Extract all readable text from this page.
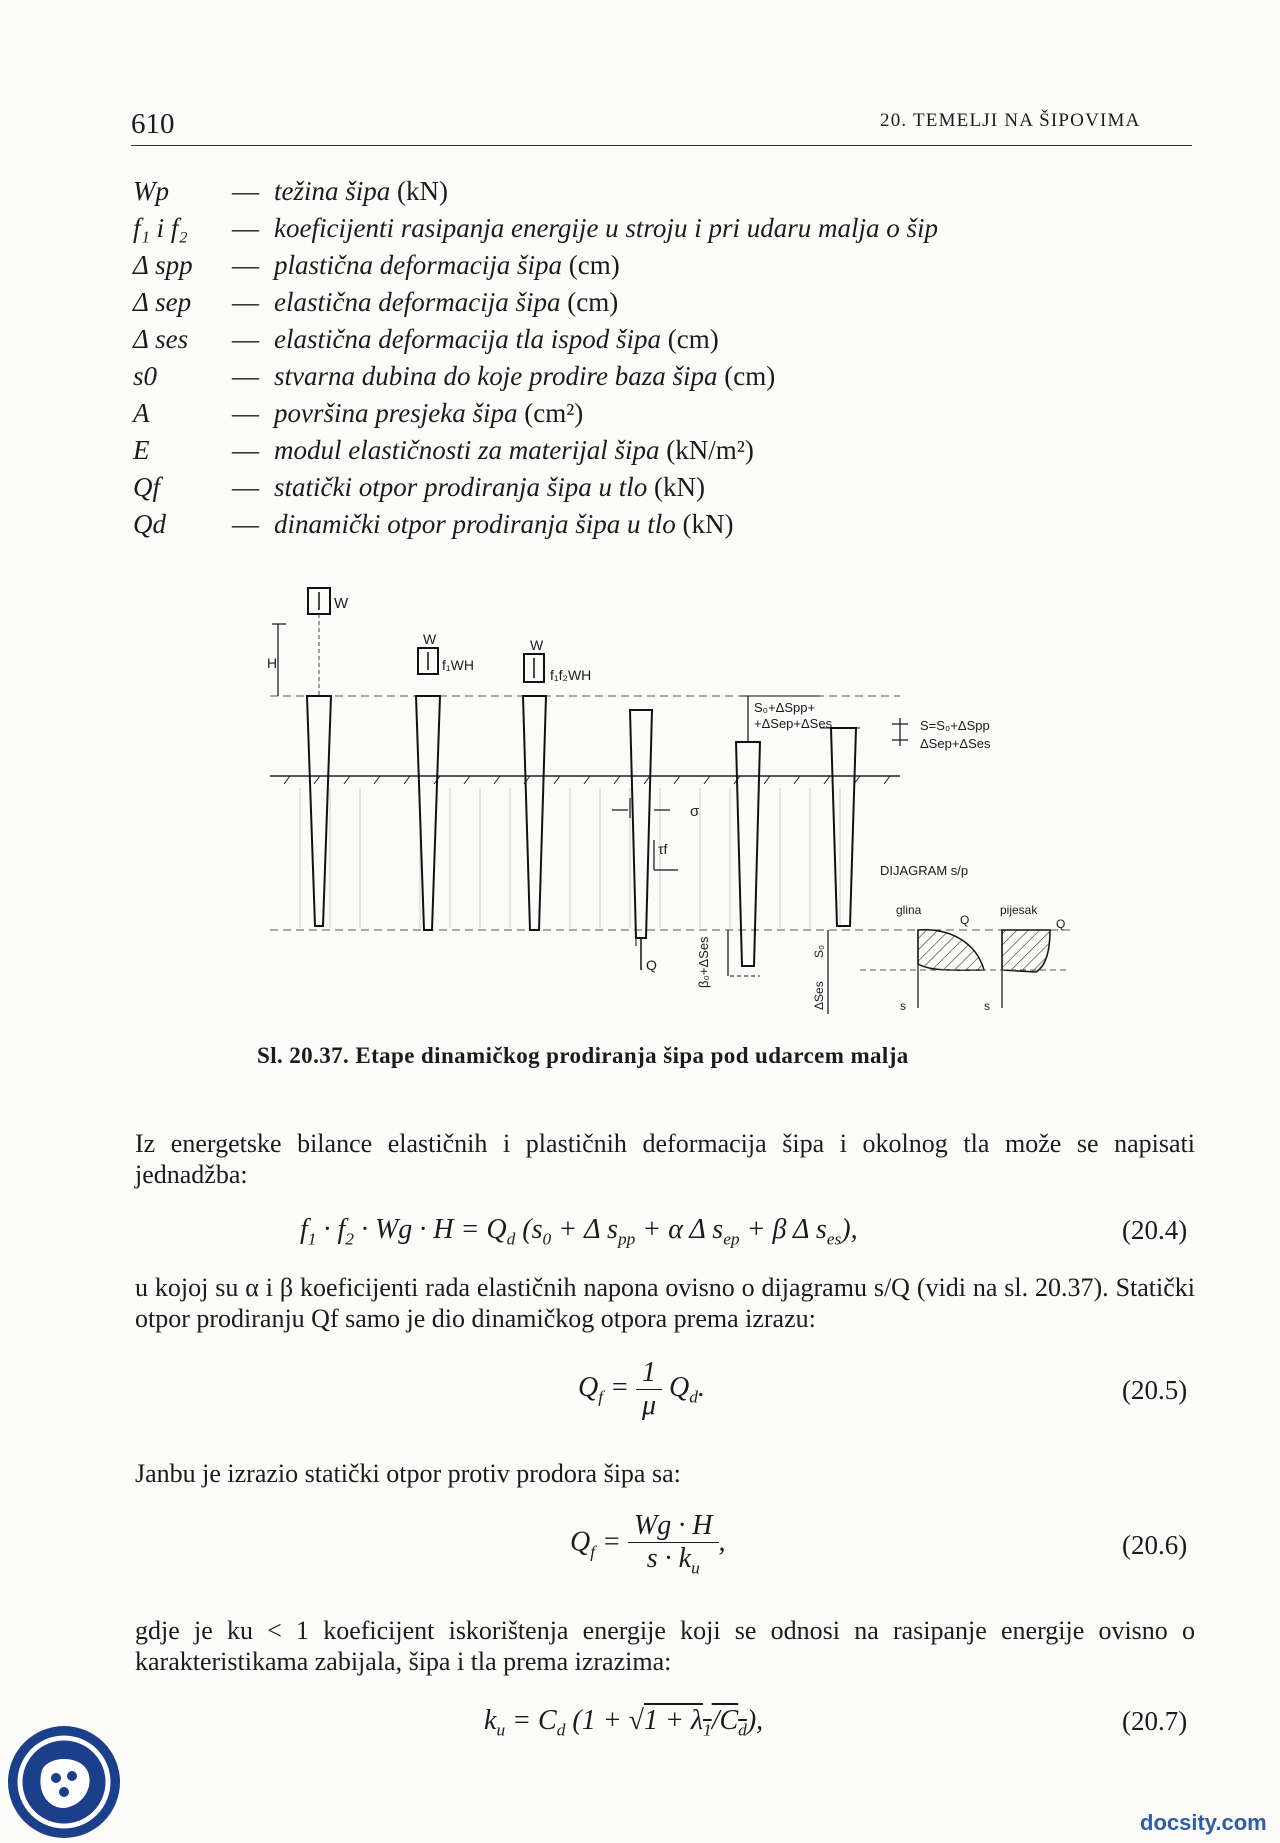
610	20. TEMELJI NA ŠIPOVIMA
Wp — težina šipa (kN)
f₁ i f₂ — koeficijenti rasipanja energije u stroju i pri udaru malja o šip
Δ spp — plastična deformacija šipa (cm)
Δ sep — elastična deformacija šipa (cm)
Δ ses — elastična deformacija tla ispod šipa (cm)
s0	— stvarna dubina do koje prodire baza šipa (cm)
A	— površina presjeka šipa (cm²)
E	— modul elastičnosti za materijal šipa (kN/m²)
Qf	— statički otpor prodiranja šipa u tlo (kN)
Qd — dinamički otpor prodiranja šipa u tlo (kN)
W
H
W
f₁WH
W
f₁f₂WH
σ
τf
Q
S₀+ΔSpp+
+ΔSep+ΔSes
β₀+ΔSes	S₀
ΔSes
S=S₀+ΔSpp
ΔSep+ΔSes
DIJAGRAM s/p
glina
Q
pijesak
Q
s	s
Sl. 20.37. Etape dinamičkog prodiranja šipa pod udarcem malja
Iz energetske bilance elastičnih i plastičnih deformacija šipa i okolnog tla može se napisati jednadžba:
$f_1 \cdot f_2 \cdot Wg \cdot H = Q_d$ ($s_0 + \Delta$ $s_{pp} + \alpha$ Δ $s_{ep} + \beta$ Δ $s_{es}$),	(20.4)
u kojoj su α i β koeficijenti rada elastičnih napona ovisno o dijagramu s/Q (vidi na sl. 20.37). Statički otpor prodiranju Qf samo je dio dinamičkog otpora prema izrazu:
$Q_f = \frac{1}{\mu} Q_d$.	(20.5)
Janbu je izrazio statički otpor protiv prodora šipa sa:
$Q_f = \frac{Wg \cdot H}{s \cdot k_u}$ ,	(20.6)
gdje je ku < 1 koeficijent iskorištenja energije koji se odnosi na rasipanje energije ovisno o karakteristikama zabijala, šipa i tla prema izrazima:
$k_u = C_d$ $(1 + √1 + \lambda_1/C_d)$,	(20.7)
docsity.com
